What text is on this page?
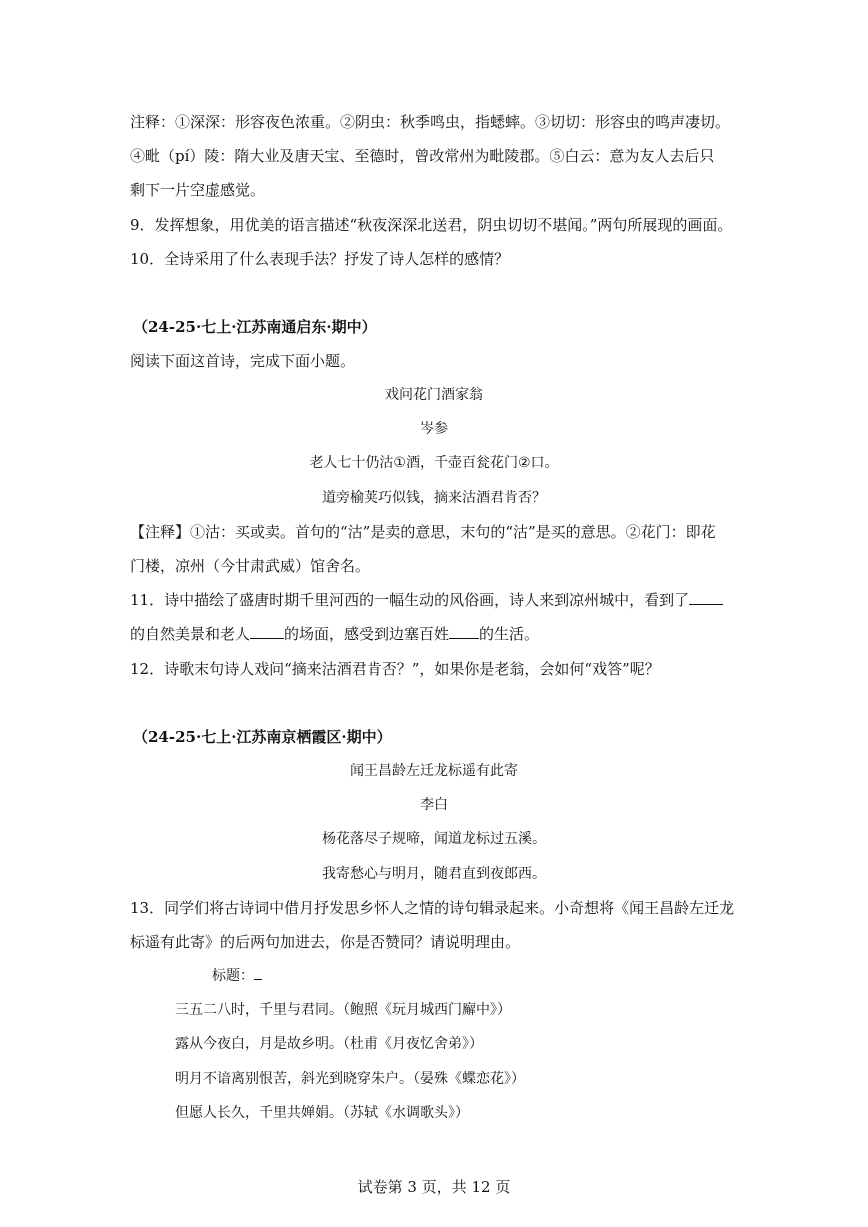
注释：①深深：形容夜色浓重。②阴虫：秋季鸣虫，指蟋蟀。③切切：形容虫的鸣声凄切。
④毗（pí）陵：隋大业及唐天宝、至德时，曾改常州为毗陵郡。⑤白云：意为友人去后只
剩下一片空虚感觉。
9．发挥想象，用优美的语言描述“秋夜深深北送君，阴虫切切不堪闻。”两句所展现的画面。
10．全诗采用了什么表现手法？抒发了诗人怎样的感情？
（24-25·七上·江苏南通启东·期中）
阅读下面这首诗，完成下面小题。
戏问花门酒家翁
岑参
老人七十仍沽①酒，千壶百瓮花门②口。
道旁榆荚巧似钱，摘来沽酒君肯否？
【注释】①沽：买或卖。首句的“沽”是卖的意思，末句的“沽”是买的意思。②花门：即花
门楼，凉州（今甘肃武威）馆舍名。
11．诗中描绘了盛唐时期千里河西的一幅生动的风俗画，诗人来到凉州城中，看到了
的自然美景和老人 的场面，感受到边塞百姓 的生活。
12．诗歌末句诗人戏问“摘来沽酒君肯否？”，如果你是老翁，会如何“戏答”呢？
（24-25·七上·江苏南京栖霞区·期中）
闻王昌龄左迁龙标遥有此寄
李白
杨花落尽子规啼，闻道龙标过五溪。
我寄愁心与明月，随君直到夜郎西。
13．同学们将古诗词中借月抒发思乡怀人之情的诗句辑录起来。小奇想将《闻王昌龄左迁龙
标遥有此寄》的后两句加进去，你是否赞同？请说明理由。
标题：
三五二八时，千里与君同。（鲍照《玩月城西门廨中》）
露从今夜白，月是故乡明。（杜甫《月夜忆舍弟》）
明月不谙离别恨苦，斜光到晓穿朱户。（晏殊《蝶恋花》）
但愿人长久，千里共婵娟。（苏轼《水调歌头》）
试卷第 3 页，共 12 页
